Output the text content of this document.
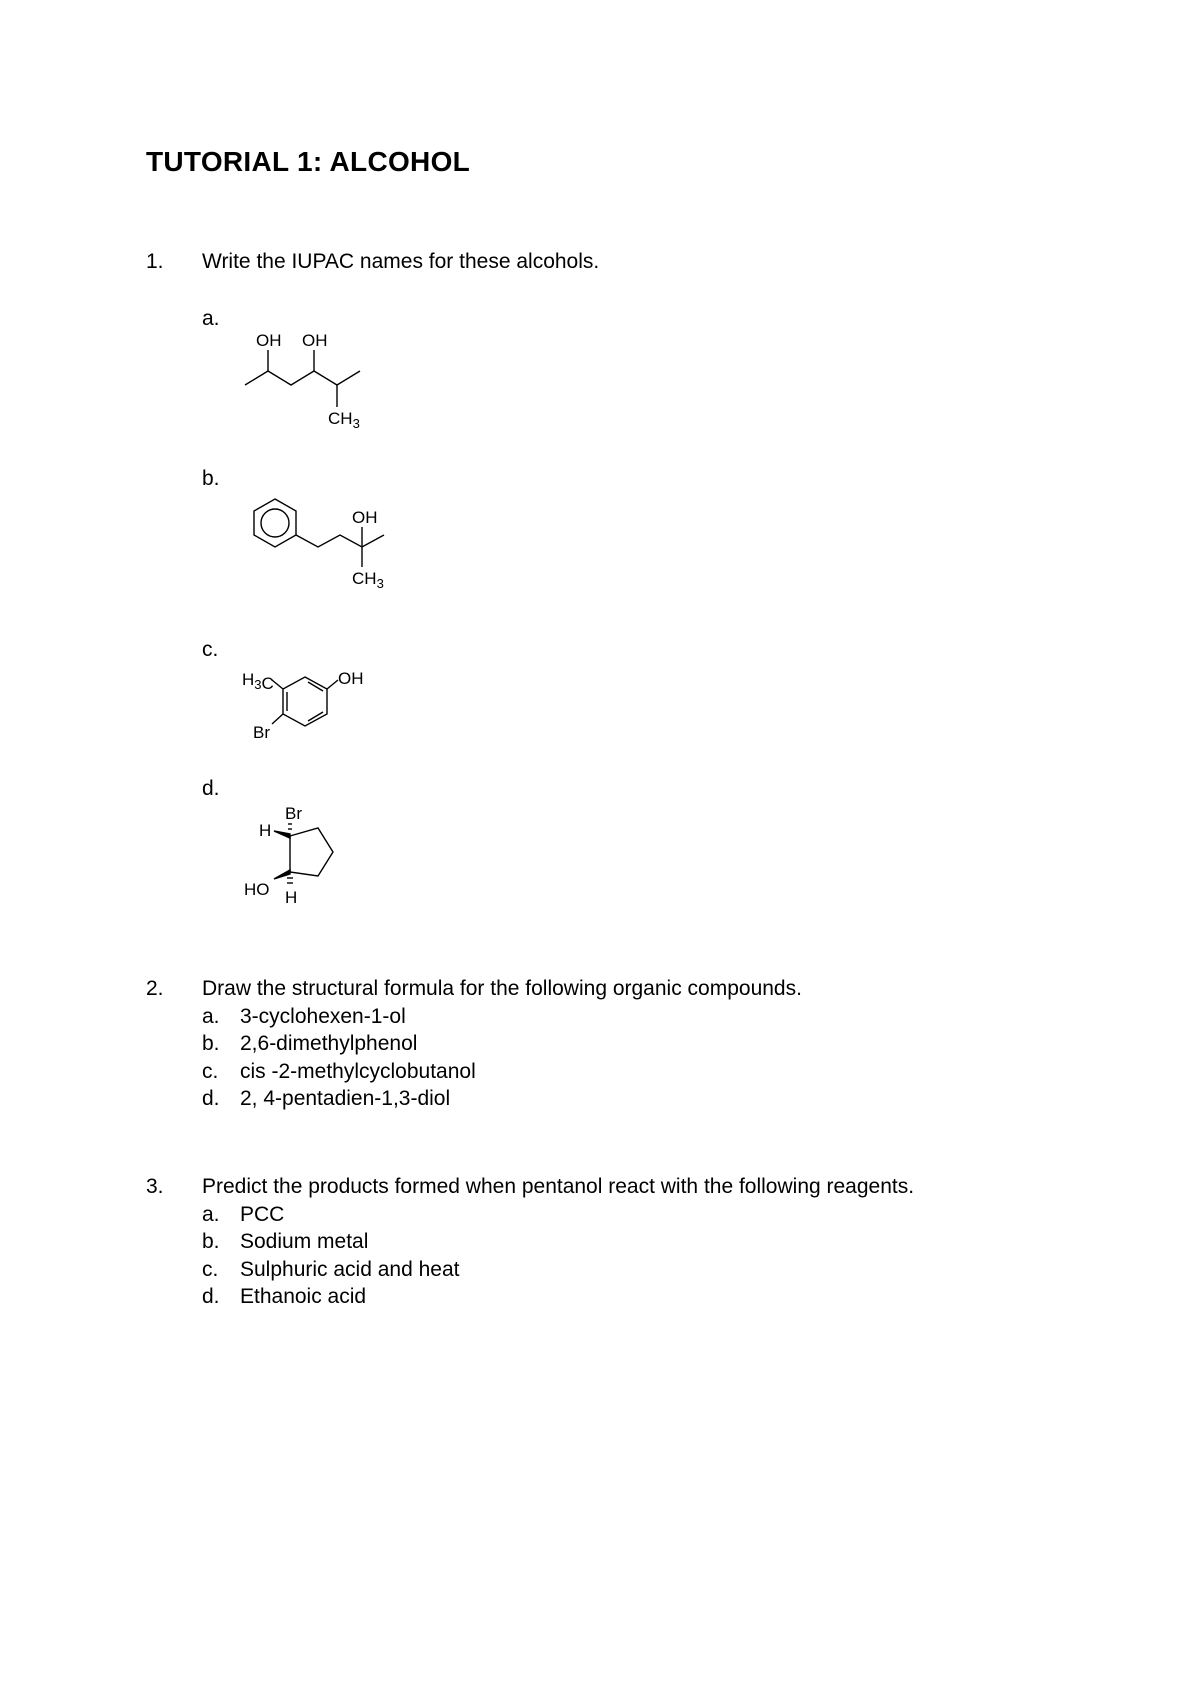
TUTORIAL 1: ALCOHOL
1. Write the IUPAC names for these alcohols.
a.
OH OH
$CH_3$
b.
OH
$CH_3$
c.
$H_3C$	OH
Br
d.
H
Br
HO H
2. Draw the structural formula for the following organic compounds.
a. 3-cyclohexen-1-ol
b. 2,6-dimethylphenol
c. cis -2-methylcyclobutanol
d. 2, 4-pentadien-1,3-diol
3. Predict the products formed when pentanol react with the following reagents.
a. PCC
b. Sodium metal
c. Sulphuric acid and heat
d. Ethanoic acid
